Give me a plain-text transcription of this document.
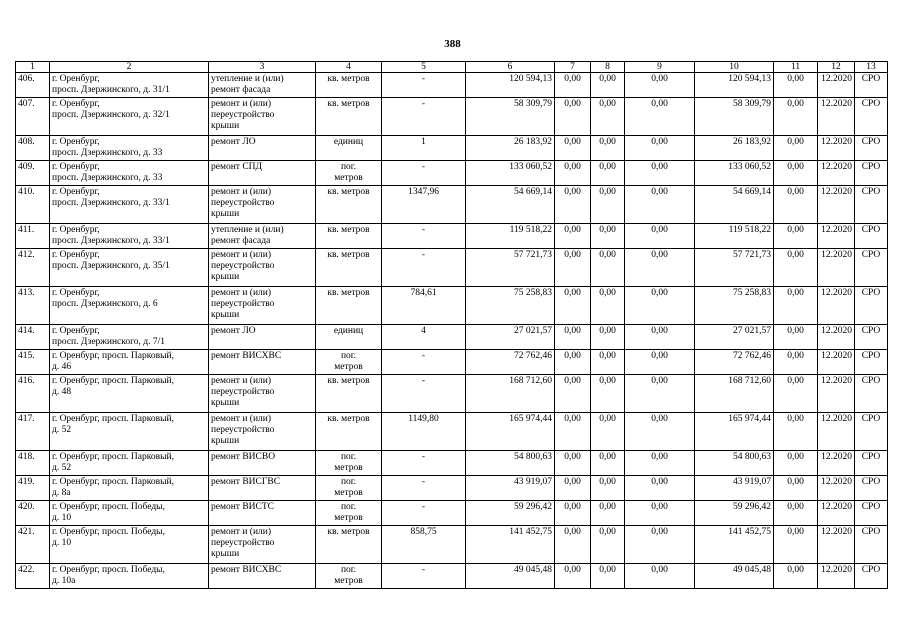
388
1	2	3	4	5	6	7	8	9	10	11	12	13
406.	г. Оренбург,
просп. Дзержинского, д. 31/1	утепление и (или)
ремонт фасада	кв. метров	-	120 594,13	0,00	0,00	0,00	120 594,13	0,00	12.2020	СРО
407.	г. Оренбург,
просп. Дзержинского, д. 32/1	ремонт и (или)
переустройство
крыши	кв. метров	-	58 309,79	0,00	0,00	0,00	58 309,79	0,00	12.2020	СРО
408.	г. Оренбург,
просп. Дзержинского, д. 33	ремонт ЛО	единиц	1	26 183,92	0,00	0,00	0,00	26 183,92	0,00	12.2020	СРО
409.	г. Оренбург,
просп. Дзержинского, д. 33	ремонт СПД	пог.
метров	-	133 060,52	0,00	0,00	0,00	133 060,52	0,00	12.2020	СРО
410.	г. Оренбург,
просп. Дзержинского, д. 33/1	ремонт и (или)
переустройство
крыши	кв. метров	1347,96	54 669,14	0,00	0,00	0,00	54 669,14	0,00	12.2020	СРО
411.	г. Оренбург,
просп. Дзержинского, д. 33/1	утепление и (или)
ремонт фасада	кв. метров	-	119 518,22	0,00	0,00	0,00	119 518,22	0,00	12.2020	СРО
412.	г. Оренбург,
просп. Дзержинского, д. 35/1	ремонт и (или)
переустройство
крыши	кв. метров	-	57 721,73	0,00	0,00	0,00	57 721,73	0,00	12.2020	СРО
413.	г. Оренбург,
просп. Дзержинского, д. 6	ремонт и (или)
переустройство
крыши	кв. метров	784,61	75 258,83	0,00	0,00	0,00	75 258,83	0,00	12.2020	СРО
414.	г. Оренбург,
просп. Дзержинского, д. 7/1	ремонт ЛО	единиц	4	27 021,57	0,00	0,00	0,00	27 021,57	0,00	12.2020	СРО
415.	г. Оренбург, просп. Парковый,
д. 46	ремонт ВИСХВС	пог.
метров	-	72 762,46	0,00	0,00	0,00	72 762,46	0,00	12.2020	СРО
416.	г. Оренбург, просп. Парковый,
д. 48	ремонт и (или)
переустройство
крыши	кв. метров	-	168 712,60	0,00	0,00	0,00	168 712,60	0,00	12.2020	СРО
417.	г. Оренбург, просп. Парковый,
д. 52	ремонт и (или)
переустройство
крыши	кв. метров	1149,80	165 974,44	0,00	0,00	0,00	165 974,44	0,00	12.2020	СРО
418.	г. Оренбург, просп. Парковый,
д. 52	ремонт ВИСВО	пог.
метров	-	54 800,63	0,00	0,00	0,00	54 800,63	0,00	12.2020	СРО
419.	г. Оренбург, просп. Парковый,
д. 8а	ремонт ВИСГВС	пог.
метров	-	43 919,07	0,00	0,00	0,00	43 919,07	0,00	12.2020	СРО
420.	г. Оренбург, просп. Победы,
д. 10	ремонт ВИСТС	пог.
метров	-	59 296,42	0,00	0,00	0,00	59 296,42	0,00	12.2020	СРО
421.	г. Оренбург, просп. Победы,
д. 10	ремонт и (или)
переустройство
крыши	кв. метров	858,75	141 452,75	0,00	0,00	0,00	141 452,75	0,00	12.2020	СРО
422.	г. Оренбург, просп. Победы,
д. 10а	ремонт ВИСХВС	пог.
метров	-	49 045,48	0,00	0,00	0,00	49 045,48	0,00	12.2020	СРО
